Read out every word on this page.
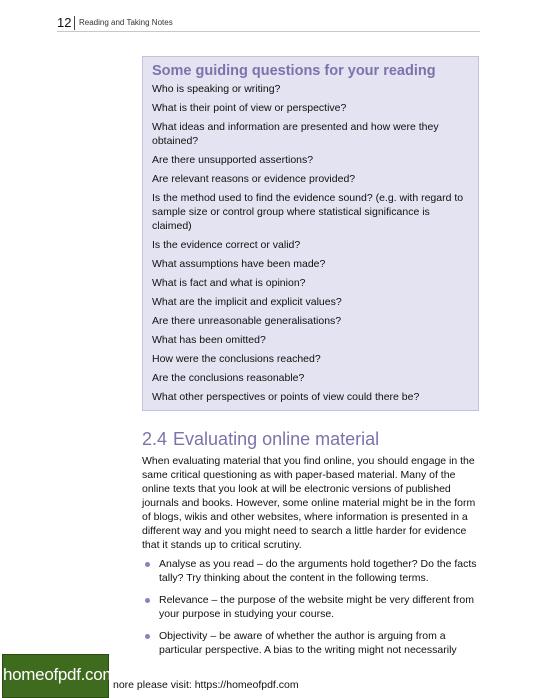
12 Reading and Taking Notes
Some guiding questions for your reading
Who is speaking or writing?
What is their point of view or perspective?
What ideas and information are presented and how were they obtained?
Are there unsupported assertions?
Are relevant reasons or evidence provided?
Is the method used to find the evidence sound? (e.g. with regard to sample size or control group where statistical significance is claimed)
Is the evidence correct or valid?
What assumptions have been made?
What is fact and what is opinion?
What are the implicit and explicit values?
Are there unreasonable generalisations?
What has been omitted?
How were the conclusions reached?
Are the conclusions reasonable?
What other perspectives or points of view could there be?
2.4 Evaluating online material

When evaluating material that you find online, you should engage in the same critical questioning as with paper-based material. Many of the online texts that you look at will be electronic versions of published journals and books. However, some online material might be in the form of blogs, wikis and other websites, where information is presented in a different way and you might need to search a little harder for evidence that it stands up to critical scrutiny.

Analyse as you read – do the arguments hold together? Do the facts tally? Try thinking about the content in the following terms.
Relevance – the purpose of the website might be very different from your purpose in studying your course.
Objectivity – be aware of whether the author is arguing from a particular perspective. A bias to the writing might not necessarily
homeofpdf.com
nore please visit: https://homeofpdf.com
